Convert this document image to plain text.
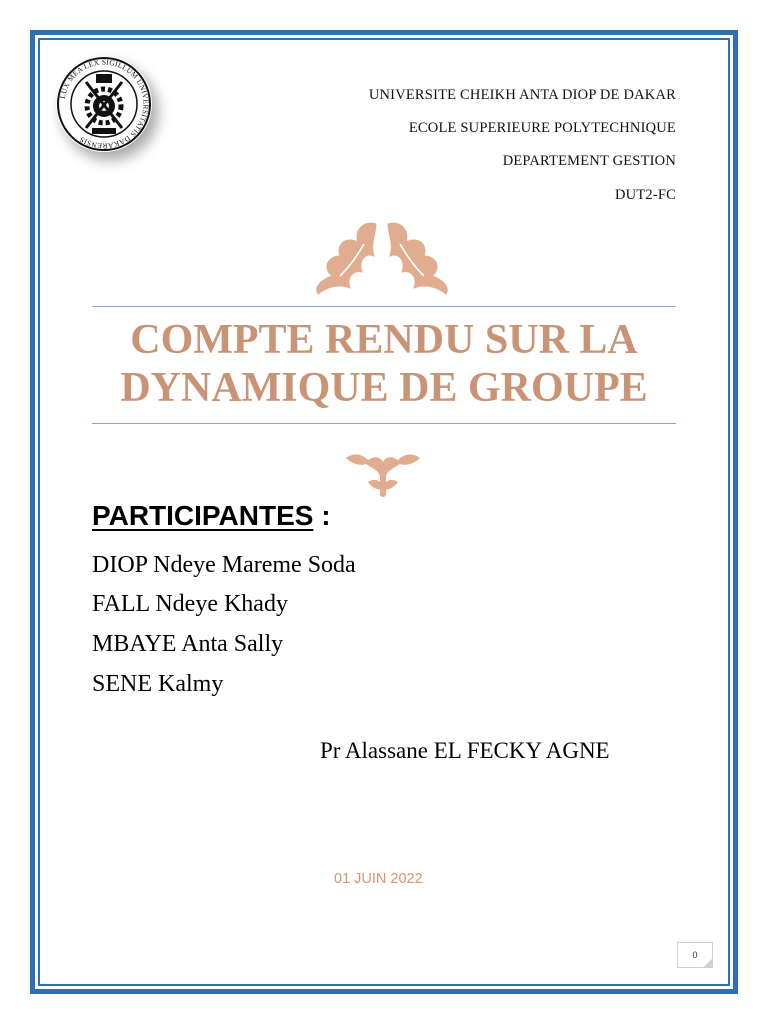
LUX MEA LEX SIGILLUM UNIVERSITATIS DAKARENSIS

UNIVERSITE CHEIKH ANTA DIOP DE DAKAR

ECOLE SUPERIEURE POLYTECHNIQUE

DEPARTEMENT GESTION

DUT2-FC

COMPTE RENDU SUR LA
DYNAMIQUE DE GROUPE
PARTICIPANTES :

DIOP Ndeye Mareme Soda

FALL Ndeye Khady

MBAYE Anta Sally

SENE Kalmy

Pr Alassane EL FECKY AGNE

01 JUIN 2022

0
